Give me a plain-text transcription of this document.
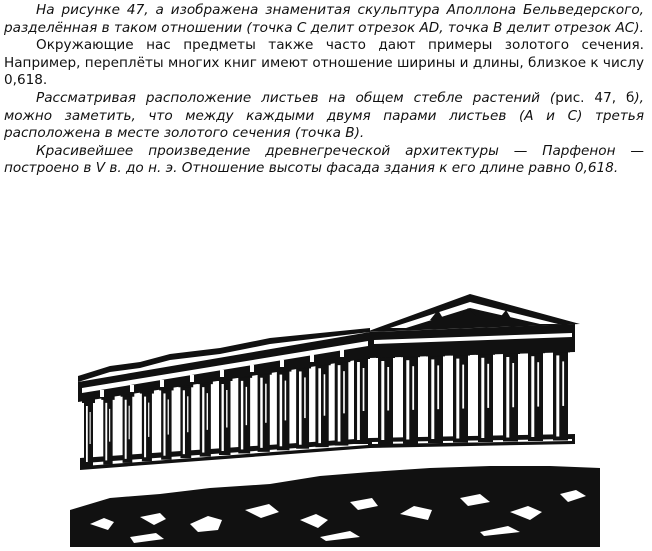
На рисунке 47, а изображена знаменитая скульптура Аполлона Бельведерского, разделённая в таком отношении (точка C делит отрезок AD, точка B делит отрезок AC).

Окружающие нас предметы также часто дают примеры золотого сечения. Например, переплёты многих книг имеют отношение ширины и длины, близкое к числу 0,618.

Рассматривая расположение листьев на общем стебле растений (рис. 47, б), можно заметить, что между каждыми двумя парами листьев (A и C) третья расположена в месте золотого сечения (точка B).

Красивейшее произведение древнегреческой архитектуры — Парфенон — построено в V в. до н. э. Отношение высоты фасада здания к его длине равно 0,618.
